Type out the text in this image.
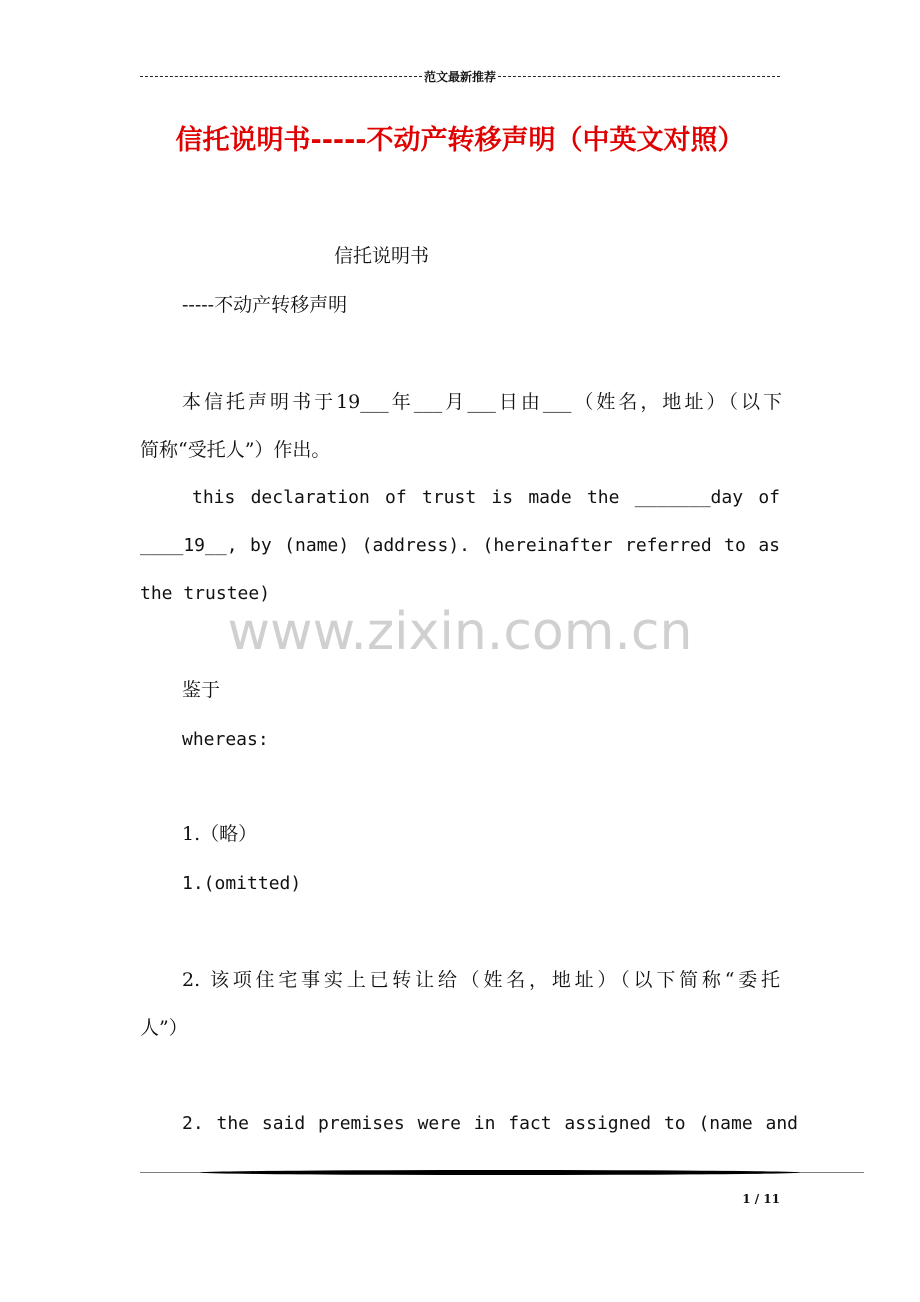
范文最新推荐
信托说明书-----不动产转移声明（中英文对照）
信托说明书
-----不动产转移声明
本信托声明书于19___年___月___日由___（姓名，地址）（以下
简称“受托人”）作出。
this declaration of trust is made the _______day of
____19__, by (name) (address). (hereinafter referred to as
the trustee)
www.zixin.com.cn
鉴于
whereas:
1.（略）
1.(omitted)
2. 该项住宅事实上已转让给（姓名，地址）（以下简称“委托
人”）
2. the said premises were in fact assigned to (name and
1 / 11
